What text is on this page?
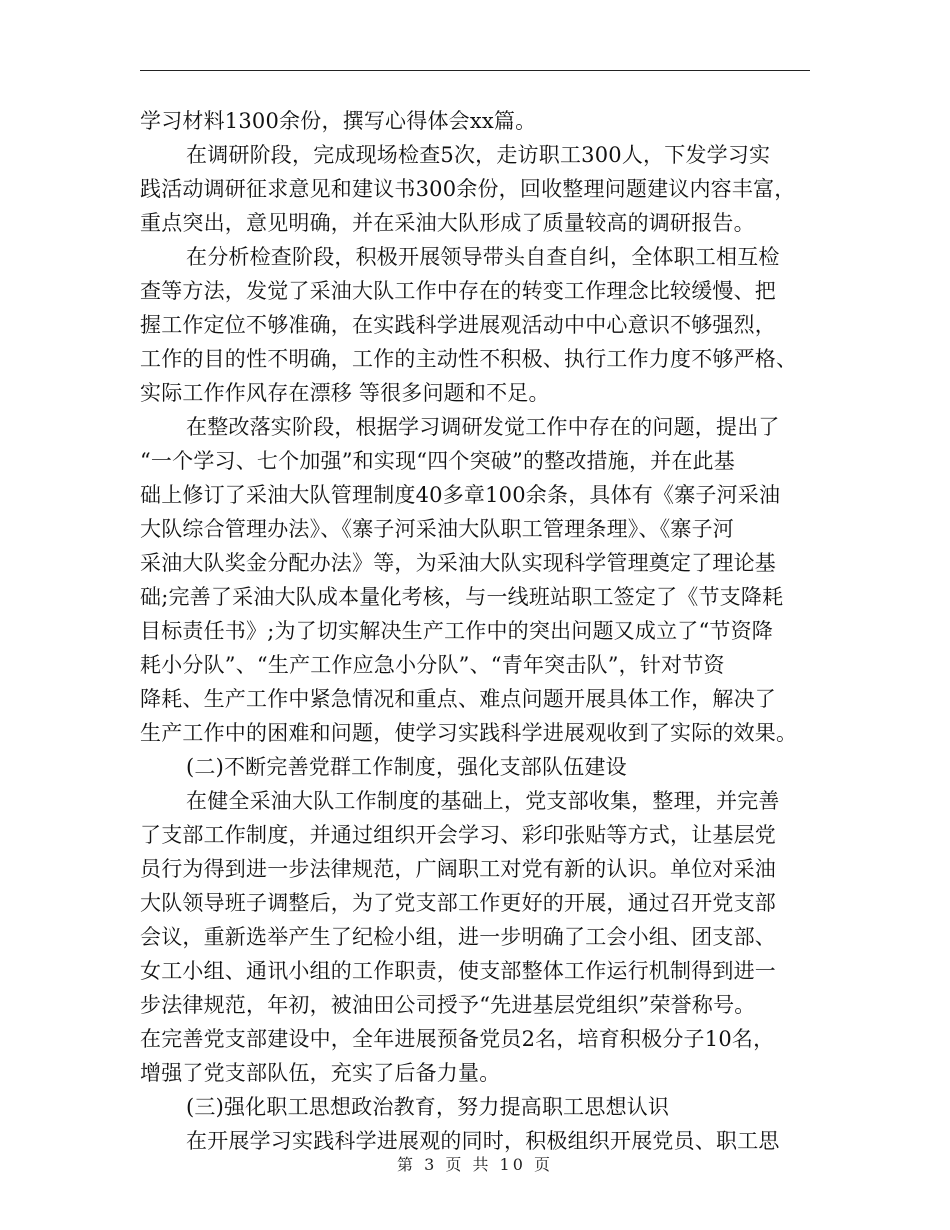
学习材料1300余份，撰写心得体会xx篇。
在调研阶段，完成现场检查5次，走访职工300人，下发学习实
践活动调研征求意见和建议书300余份，回收整理问题建议内容丰富，
重点突出，意见明确，并在采油大队形成了质量较高的调研报告。
在分析检查阶段，积极开展领导带头自查自纠，全体职工相互检
查等方法，发觉了采油大队工作中存在的转变工作理念比较缓慢、把
握工作定位不够准确，在实践科学进展观活动中中心意识不够强烈，
工作的目的性不明确，工作的主动性不积极、执行工作力度不够严格、
实际工作作风存在漂移 等很多问题和不足。
在整改落实阶段，根据学习调研发觉工作中存在的问题，提出了
“一个学习、七个加强”和实现“四个突破”的整改措施，并在此基
础上修订了采油大队管理制度40多章100余条，具体有《寨子河采油
大队综合管理办法》、《寨子河采油大队职工管理条理》、《寨子河
采油大队奖金分配办法》等，为采油大队实现科学管理奠定了理论基
础;完善了采油大队成本量化考核，与一线班站职工签定了《节支降耗
目标责任书》;为了切实解决生产工作中的突出问题又成立了“节资降
耗小分队”、“生产工作应急小分队”、“青年突击队”，针对节资
降耗、生产工作中紧急情况和重点、难点问题开展具体工作，解决了
生产工作中的困难和问题，使学习实践科学进展观收到了实际的效果。
(二)不断完善党群工作制度，强化支部队伍建设
在健全采油大队工作制度的基础上，党支部收集，整理，并完善
了支部工作制度，并通过组织开会学习、彩印张贴等方式，让基层党
员行为得到进一步法律规范，广阔职工对党有新的认识。单位对采油
大队领导班子调整后，为了党支部工作更好的开展，通过召开党支部
会议，重新选举产生了纪检小组，进一步明确了工会小组、团支部、
女工小组、通讯小组的工作职责，使支部整体工作运行机制得到进一
步法律规范，年初，被油田公司授予“先进基层党组织”荣誉称号。
在完善党支部建设中，全年进展预备党员2名，培育积极分子10名，
增强了党支部队伍，充实了后备力量。
(三)强化职工思想政治教育，努力提高职工思想认识
在开展学习实践科学进展观的同时，积极组织开展党员、职工思
第 3 页 共 10 页
